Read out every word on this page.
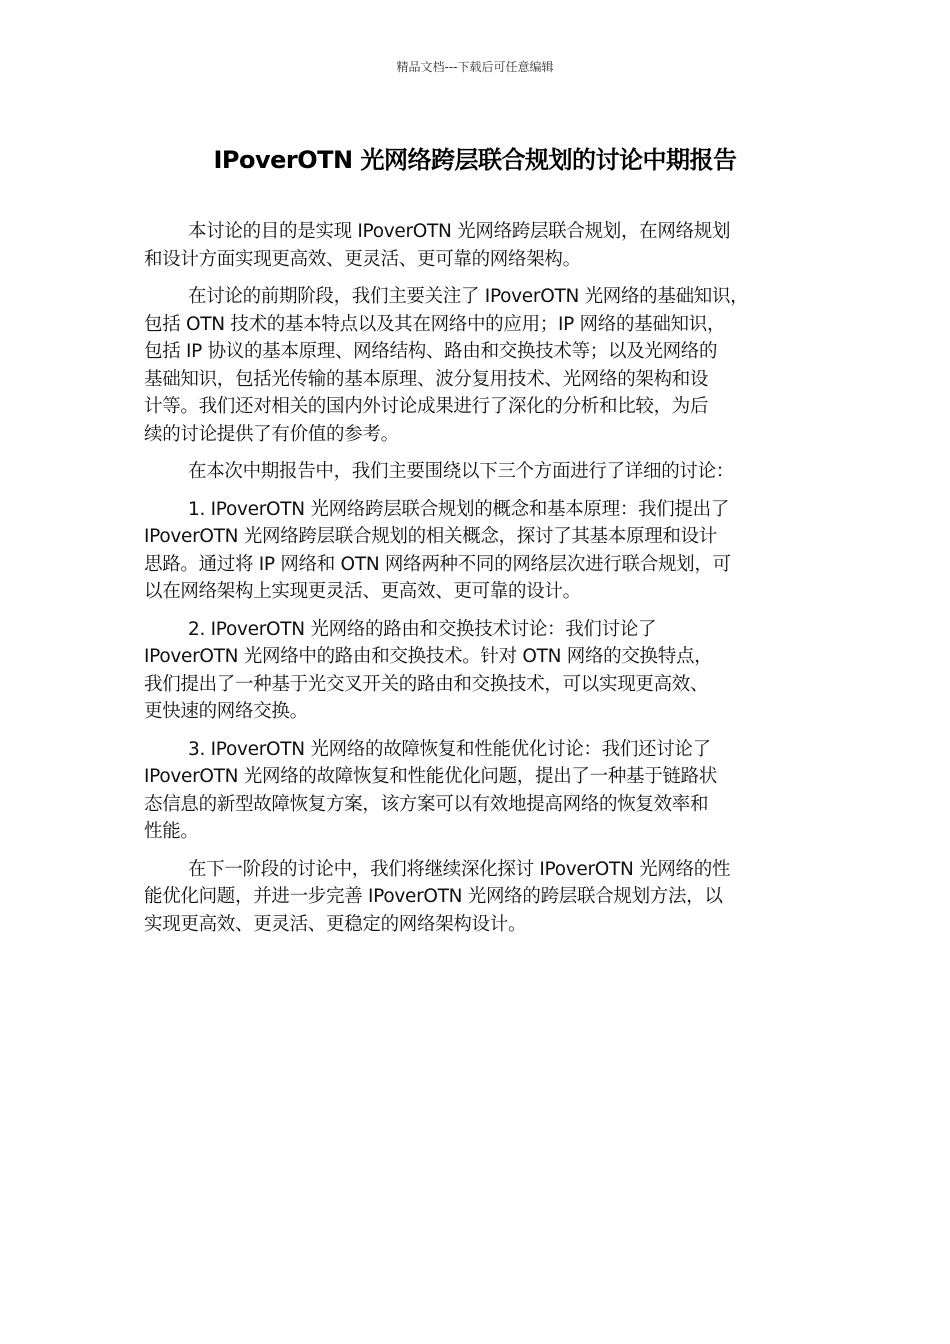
精品文档---下载后可任意编辑
IPoverOTN 光网络跨层联合规划的讨论中期报告

本讨论的目的是实现 IPoverOTN 光网络跨层联合规划，在网络规划
和设计方面实现更高效、更灵活、更可靠的网络架构。

在讨论的前期阶段，我们主要关注了 IPoverOTN 光网络的基础知识，
包括 OTN 技术的基本特点以及其在网络中的应用；IP 网络的基础知识，
包括 IP 协议的基本原理、网络结构、路由和交换技术等；以及光网络的
基础知识，包括光传输的基本原理、波分复用技术、光网络的架构和设
计等。我们还对相关的国内外讨论成果进行了深化的分析和比较，为后
续的讨论提供了有价值的参考。

在本次中期报告中，我们主要围绕以下三个方面进行了详细的讨论：

1. IPoverOTN 光网络跨层联合规划的概念和基本原理：我们提出了
IPoverOTN 光网络跨层联合规划的相关概念，探讨了其基本原理和设计
思路。通过将 IP 网络和 OTN 网络两种不同的网络层次进行联合规划，可
以在网络架构上实现更灵活、更高效、更可靠的设计。

2. IPoverOTN 光网络的路由和交换技术讨论：我们讨论了
IPoverOTN 光网络中的路由和交换技术。针对 OTN 网络的交换特点，
我们提出了一种基于光交叉开关的路由和交换技术，可以实现更高效、
更快速的网络交换。

3. IPoverOTN 光网络的故障恢复和性能优化讨论：我们还讨论了
IPoverOTN 光网络的故障恢复和性能优化问题，提出了一种基于链路状
态信息的新型故障恢复方案，该方案可以有效地提高网络的恢复效率和
性能。

在下一阶段的讨论中，我们将继续深化探讨 IPoverOTN 光网络的性
能优化问题，并进一步完善 IPoverOTN 光网络的跨层联合规划方法，以
实现更高效、更灵活、更稳定的网络架构设计。
